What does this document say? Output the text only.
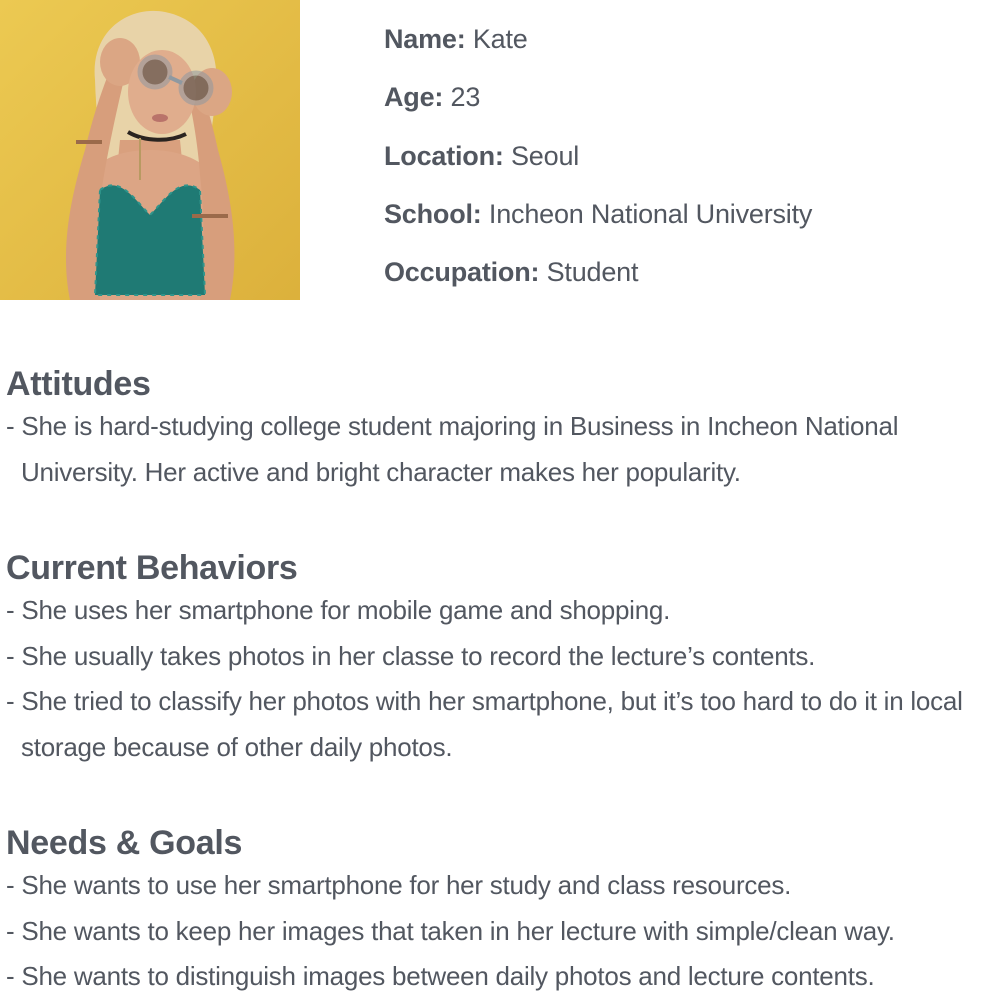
Name: Kate
Age: 23
Location: Seoul
School: Incheon National University
Occupation: Student
Attitudes
- She is hard-studying college student majoring in Business in Incheon National University. Her active and bright character makes her popularity.
Current Behaviors
- She uses her smartphone for mobile game and shopping.
- She usually takes photos in her classe to record the lecture’s contents.
- She tried to classify her photos with her smartphone, but it’s too hard to do it in local storage because of other daily photos.
Needs & Goals
- She wants to use her smartphone for her study and class resources.
- She wants to keep her images that taken in her lecture with simple/clean way.
- She wants to distinguish images between daily photos and lecture contents.
